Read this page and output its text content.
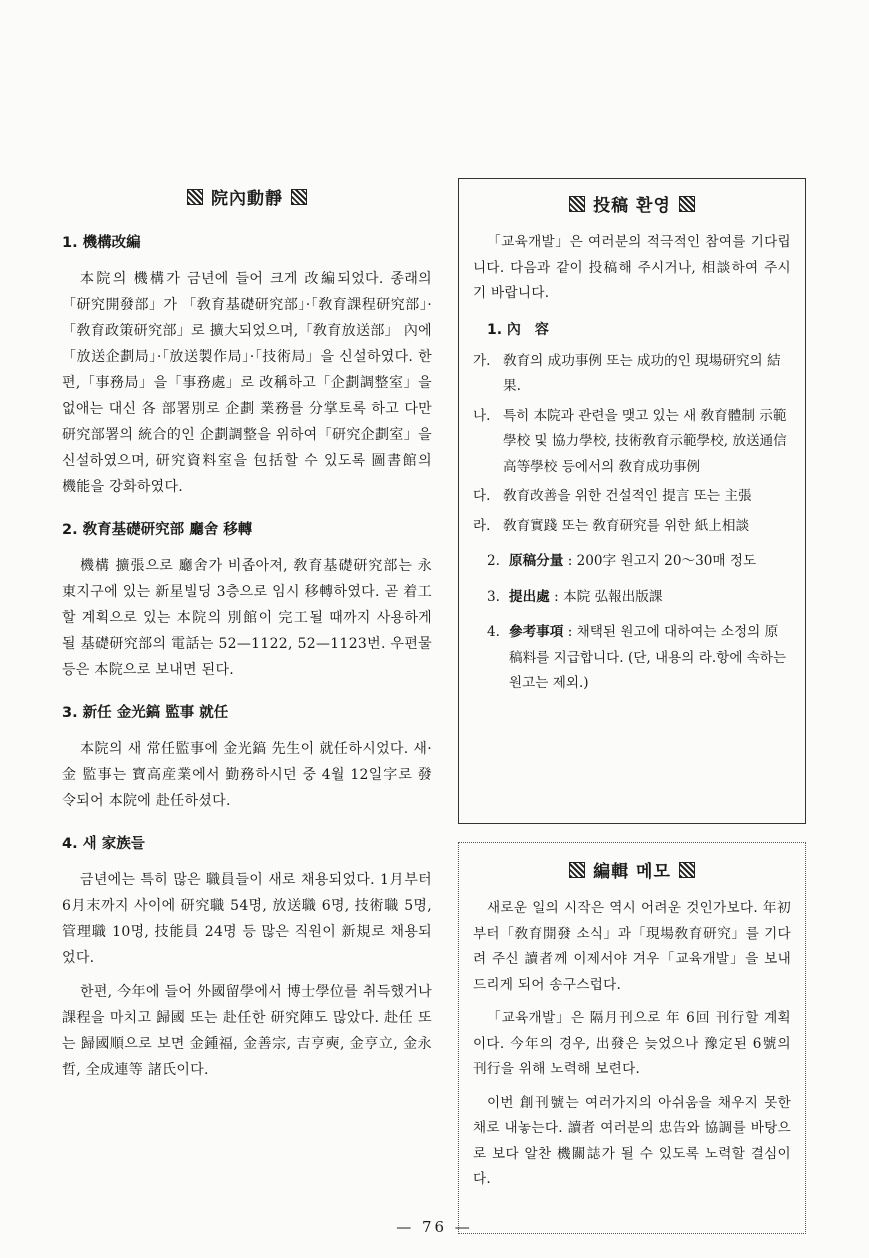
院內動靜
1. 機構改編

本院의 機構가 금년에 들어 크게 改編되었다. 종래의「研究開發部」가 「敎育基礎研究部」·「敎育課程研究部」·「敎育政策研究部」로 擴大되었으며,「敎育放送部」 內에「放送企劃局」·「放送製作局」·「技術局」을 신설하였다. 한편,「事務局」을「事務處」로 改稱하고「企劃調整室」을 없애는 대신 各 部署別로 企劃 業務를 分掌토록 하고 다만 研究部署의 統合的인 企劃調整을 위하여「研究企劃室」을 신설하였으며, 研究資料室을 包括할 수 있도록 圖書館의 機能을 강화하였다.

2. 敎育基礎研究部 廳舍 移轉

機構 擴張으로 廳舍가 비좁아져, 敎育基礎研究部는 永東지구에 있는 新星빌딩 3층으로 임시 移轉하였다. 곧 着工할 계획으로 있는 本院의 別館이 完工될 때까지 사용하게 될 基礎研究部의 電話는 52—1122, 52—1123번. 우편물 등은 本院으로 보내면 된다.

3. 新任 金光鎬 監事 就任

本院의 새 常任監事에 金光鎬 先生이 就任하시었다. 새·金 監事는 寶高産業에서 勤務하시던 중 4월 12일字로 發令되어 本院에 赴任하셨다.

4. 새 家族들

금년에는 특히 많은 職員들이 새로 채용되었다. 1月부터 6月末까지 사이에 研究職 54명, 放送職 6명, 技術職 5명, 管理職 10명, 技能員 24명 등 많은 직원이 新規로 채용되었다.

한편, 今年에 들어 外國留學에서 博士學位를 취득했거나 課程을 마치고 歸國 또는 赴任한 研究陣도 많았다. 赴任 또는 歸國順으로 보면 金鍾福, 金善宗, 吉亨奭, 金亨立, 金永哲, 全成連等 諸氏이다.

投稿 환영

「교육개발」은 여러분의 적극적인 참여를 기다립니다. 다음과 같이 投稿해 주시거나, 相談하여 주시기 바랍니다.

1. 內　容
가. 敎育의 成功事例 또는 成功的인 現場研究의 結果.
나. 특히 本院과 관련을 맺고 있는 새 敎育體制 示範學校 및 協力學校, 技術敎育示範學校, 放送通信高等學校 등에서의 敎育成功事例
다. 敎育改善을 위한 건설적인 提言 또는 主張
라. 敎育實踐 또는 敎育研究를 위한 紙上相談
2. 原稿分量 : 200字 원고지 20～30매 정도
3. 提出處 : 本院 弘報出版課
4. 參考事項 : 채택된 원고에 대하여는 소정의 原稿料를 지급합니다. (단, 내용의 라.항에 속하는 원고는 제외.)
編輯 메모

새로운 일의 시작은 역시 어려운 것인가보다. 年初부터「敎育開發 소식」과「現場敎育研究」를 기다려 주신 讀者께 이제서야 겨우「교육개발」을 보내드리게 되어 송구스럽다.

「교육개발」은 隔月刊으로 年 6回 刊行할 계획이다. 今年의 경우, 出發은 늦었으나 豫定된 6號의 刊行을 위해 노력해 보련다.

이번 創刊號는 여러가지의 아쉬움을 채우지 못한 채로 내놓는다. 讀者 여러분의 忠告와 協調를 바탕으로 보다 알찬 機關誌가 될 수 있도록 노력할 결심이다.

— 76 —
